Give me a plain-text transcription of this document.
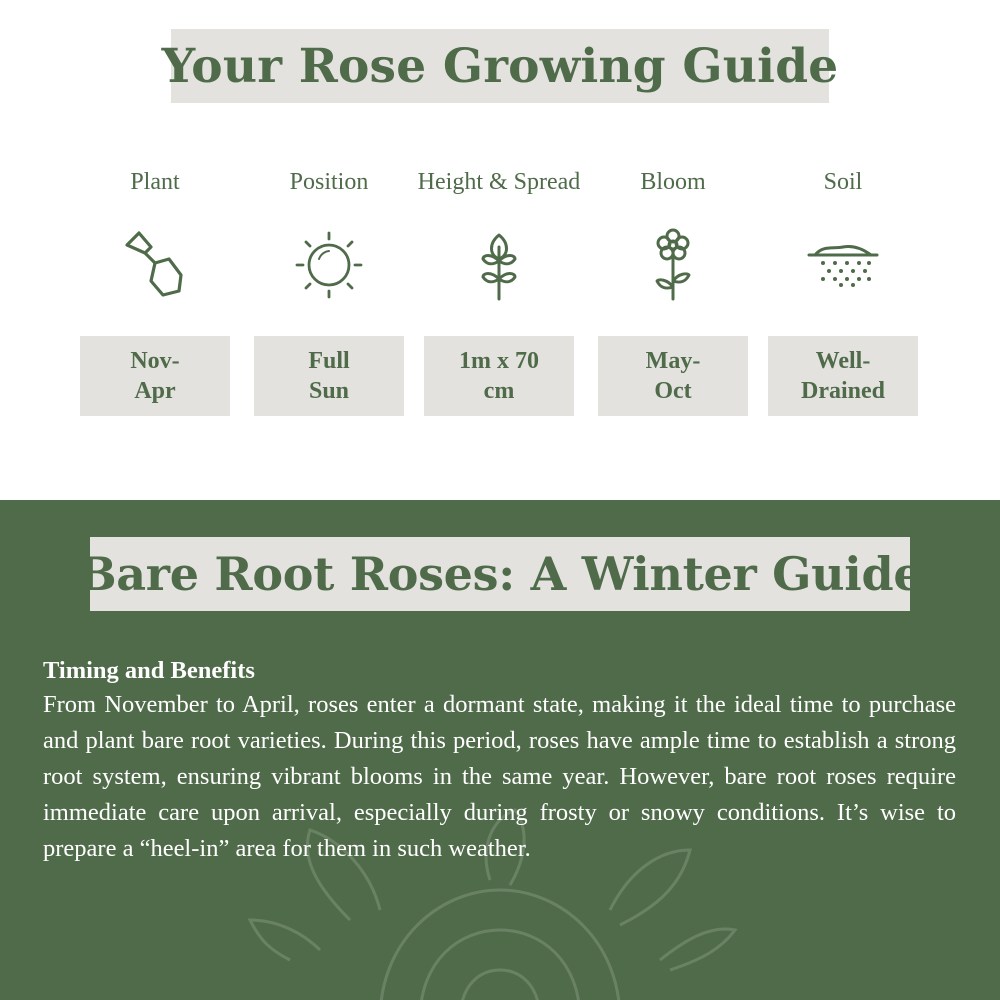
Your Rose Growing Guide
Plant
Nov-
Apr
Position
Full
Sun
Height & Spread
1m x 70
cm
Bloom
May-
Oct
Soil
Well-
Drained
Bare Root Roses: A Winter Guide
Timing and Benefits

From November to April, roses enter a dormant state, making it the ideal time to purchase and plant bare root varieties. During this period, roses have ample time to establish a strong root system, ensuring vibrant blooms in the same year. However, bare root roses require immediate care upon arrival, especially during frosty or snowy conditions. It’s wise to prepare a “heel-in” area for them in such weather.
